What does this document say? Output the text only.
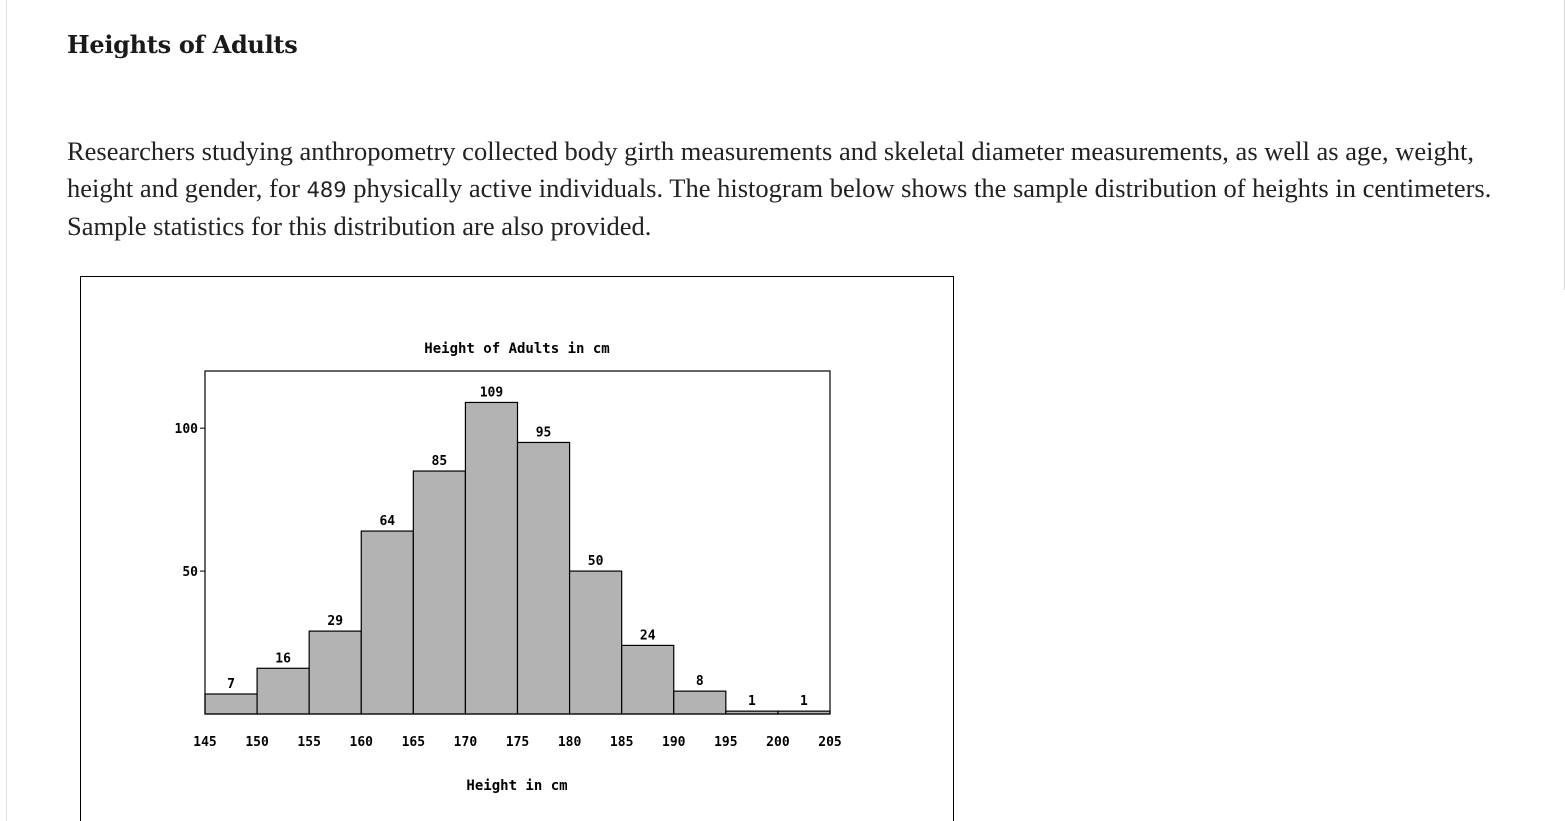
Heights of Adults

Researchers studying anthropometry collected body girth measurements and skeletal diameter measurements, as well as age, weight, height and gender, for 489 physically active individuals. The histogram below shows the sample distribution of heights in centimeters. Sample statistics for this distribution are also provided.

Height of Adults in cm
7
16
29
64
85
109
95
50
24
8
1	1
50
100
145 150 155 160 165 170 175 180 185 190 195 200 205
Height in cm
